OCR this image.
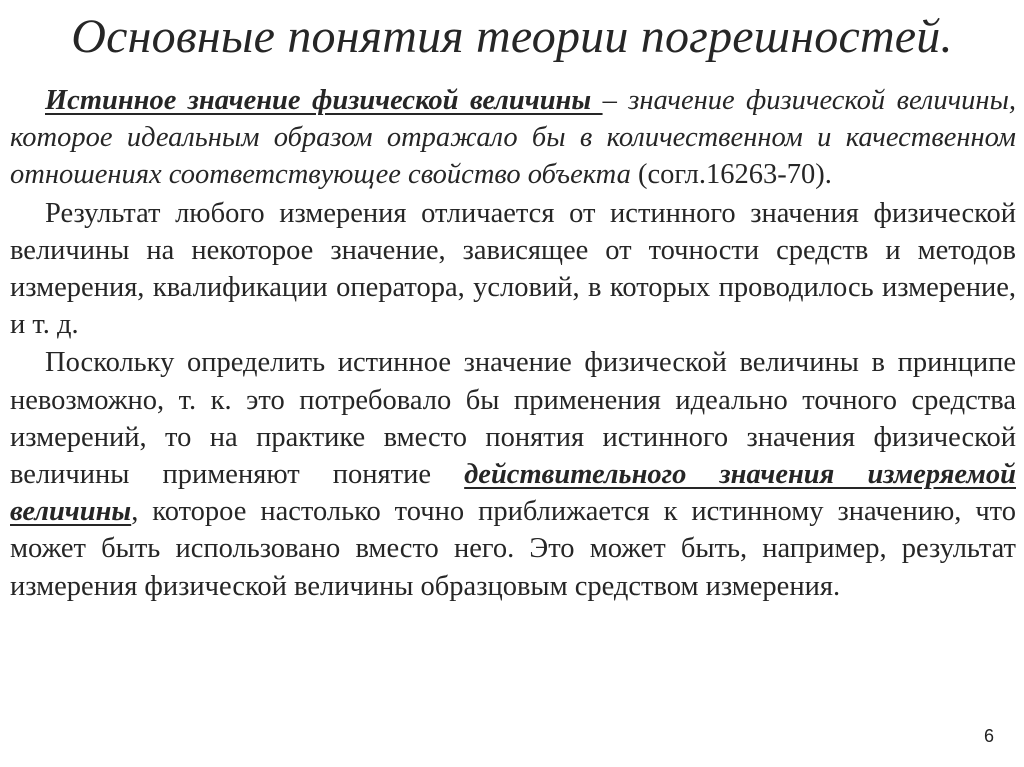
Основные понятия теории погрешностей.

Истинное значение физической величины – значение физической величины, которое идеальным образом отражало бы в количественном и качественном отношениях соответствующее свойство объекта (согл.16263-70).

Результат любого измерения отличается от истинного значения физической величины на некоторое значение, зависящее от точности средств и методов измерения, квалификации оператора, условий, в которых проводилось измерение, и т. д.

Поскольку определить истинное значение физической величины в принципе невозможно, т. к. это потребовало бы применения идеально точного средства измерений, то на практике вместо понятия истинного значения физической величины применяют понятие действительного значения измеряемой величины, которое настолько точно приближается к истинному значению, что может быть использовано вместо него. Это может быть, например, результат измерения физической величины образцовым средством измерения.

6
